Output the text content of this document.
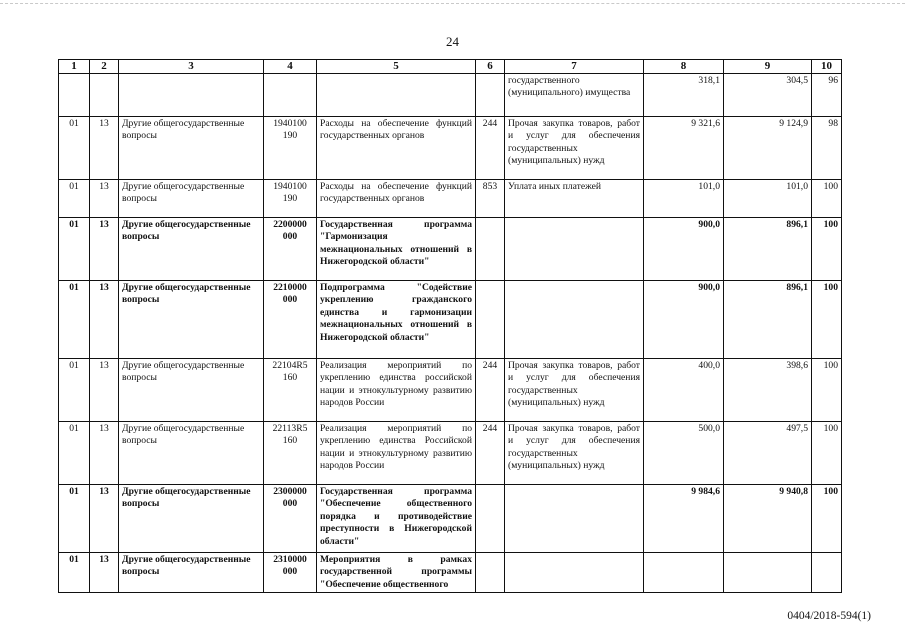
24
1	2	3	4	5	6	7	8	9	10
						государственного (муниципального) имущества	318,1	304,5	96
01	13	Другие общегосударственные вопросы	1940100 190	Расходы на обеспечение функций государственных органов	244	Прочая закупка товаров, работ и услуг для обеспечения государственных (муниципальных) нужд	9 321,6	9 124,9	98
01	13	Другие общегосударственные вопросы	1940100 190	Расходы на обеспечение функций государственных органов	853	Уплата иных платежей	101,0	101,0	100
01	13	Другие общегосударственные вопросы	2200000 000	Государственная программа "Гармонизация межнациональных отношений в Нижегородской области"			900,0	896,1	100
01	13	Другие общегосударственные вопросы	2210000 000	Подпрограмма "Содействие укреплению гражданского единства и гармонизации межнациональных отношений в Нижегородской области"			900,0	896,1	100
01	13	Другие общегосударственные вопросы	22104R5 160	Реализация мероприятий по укреплению единства российской нации и этнокультурному развитию народов России	244	Прочая закупка товаров, работ и услуг для обеспечения государственных (муниципальных) нужд	400,0	398,6	100
01	13	Другие общегосударственные вопросы	22113R5 160	Реализация мероприятий по укреплению единства Российской нации и этнокультурному развитию народов России	244	Прочая закупка товаров, работ и услуг для обеспечения государственных (муниципальных) нужд	500,0	497,5	100
01	13	Другие общегосударственные вопросы	2300000 000	Государственная программа "Обеспечение общественного порядка и противодействие преступности в Нижегородской области"			9 984,6	9 940,8	100
01	13	Другие общегосударственные вопросы	2310000 000	Мероприятия в рамках государственной программы "Обеспечение общественного					
0404/2018-594(1)
